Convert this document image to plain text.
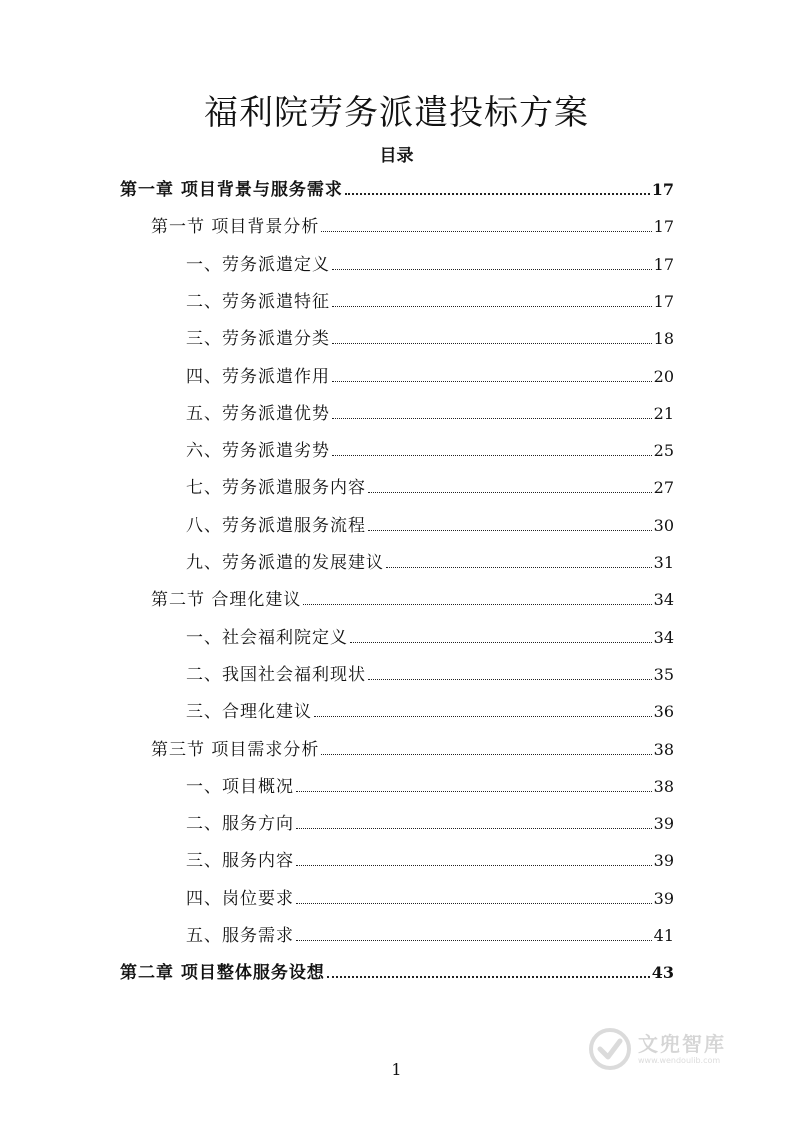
福利院劳务派遣投标方案
目录
第一章 项目背景与服务需求	17
第一节 项目背景分析	17
一、劳务派遣定义	17
二、劳务派遣特征	17
三、劳务派遣分类	18
四、劳务派遣作用	20
五、劳务派遣优势	21
六、劳务派遣劣势	25
七、劳务派遣服务内容	27
八、劳务派遣服务流程	30
九、劳务派遣的发展建议	31
第二节 合理化建议	34
一、社会福利院定义	34
二、我国社会福利现状	35
三、合理化建议	36
第三节 项目需求分析	38
一、项目概况	38
二、服务方向	39
三、服务内容	39
四、岗位要求	39
五、服务需求	41
第二章 项目整体服务设想	43
1
文兜智库
www.wendoulib.com
